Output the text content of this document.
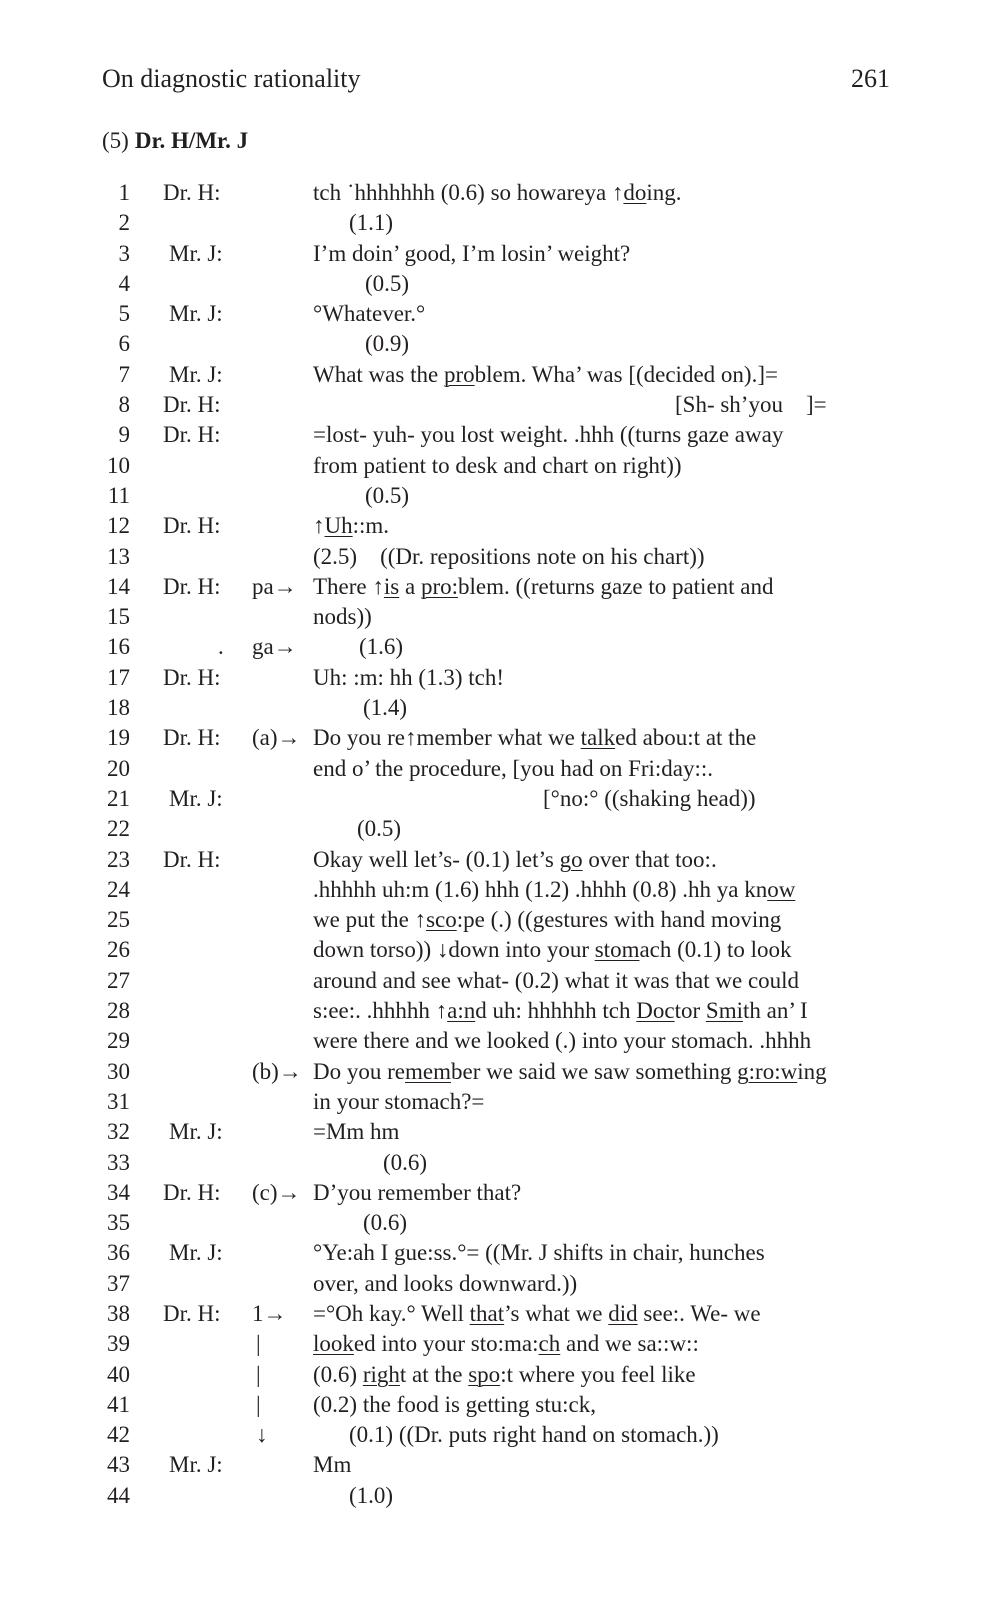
On diagnostic rationality	261
(5) Dr. H/Mr. J
1 Dr. H:	tch ˙hhhhhhh (0.6) so howareya ↑doing.
2	(1.1)
3 Mr. J:	I’m doin’ good, I’m losin’ weight?
4	(0.5)
5 Mr. J:	°Whatever.°
6	(0.9)
7 Mr. J:	What was the problem. Wha’ was [(decided on).]=
8 Dr. H:	[Sh- sh’you    ]=
9 Dr. H:	=lost- yuh- you lost weight. .hhh ((turns gaze away
10	from patient to desk and chart on right))
11	(0.5)
12 Dr. H:	↑Uh::m.
13	(2.5)    ((Dr. repositions note on his chart))
14 Dr. H: pa→ There ↑is a pro:blem. ((returns gaze to patient and
15	nods))
16	. ga→	(1.6)
17 Dr. H:	Uh: :m: hh (1.3) tch!
18	(1.4)
19 Dr. H: (a)→ Do you re↑member what we talked abou:t at the
20	end o’ the procedure, [you had on Fri:day::.
21 Mr. J:	[°no:° ((shaking head))
22	(0.5)
23 Dr. H:	Okay well let’s- (0.1) let’s go over that too:.
24	.hhhhh uh:m (1.6) hhh (1.2) .hhhh (0.8) .hh ya know
25	we put the ↑sco:pe (.) ((gestures with hand moving
26	down torso)) ↓down into your stomach (0.1) to look
27	around and see what- (0.2) what it was that we could
28	s:ee:. .hhhhh ↑a:nd uh: hhhhhh tch Doctor Smith an’ I
29	were there and we looked (.) into your stomach. .hhhh
30	(b)→ Do you remember we said we saw something g:ro:wing
31	in your stomach?=
32 Mr. J:	=Mm hm
33	(0.6)
34 Dr. H: (c)→ D’you remember that?
35	(0.6)
36 Mr. J:	°Ye:ah I gue:ss.°= ((Mr. J shifts in chair, hunches
37	over, and looks downward.))
38 Dr. H: 1→ =°Oh kay.° Well that’s what we did see:. We- we
39	| looked into your sto:ma:ch and we sa::w::
40	| (0.6) right at the spo:t where you feel like
41	| (0.2) the food is getting stu:ck,
42	↓	(0.1) ((Dr. puts right hand on stomach.))
43 Mr. J:	Mm
44	(1.0)
